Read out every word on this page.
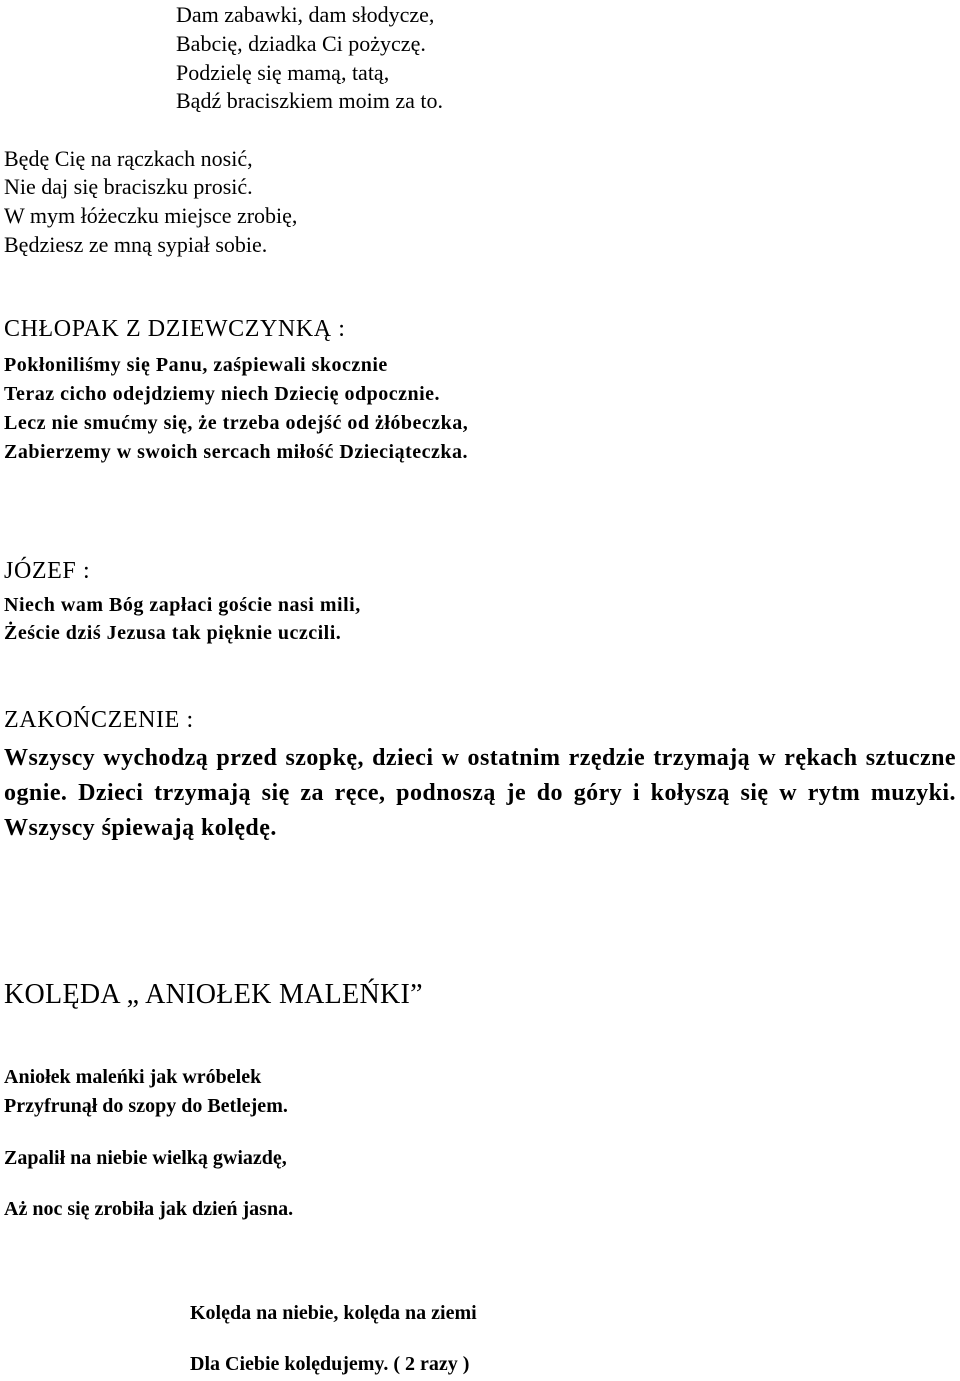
Dam zabawki, dam słodycze,

Babcię, dziadka Ci pożyczę.

Podzielę się mamą, tatą,

Bądź braciszkiem moim za to.

Będę Cię na rączkach nosić,

Nie daj się braciszku prosić.

W mym łóżeczku miejsce zrobię,

Będziesz ze mną sypiał sobie.

CHŁOPAK Z DZIEWCZYNKĄ :

Pokłoniliśmy się Panu, zaśpiewali skocznie

Teraz cicho odejdziemy niech Dziecię odpocznie.

Lecz nie smućmy się, że trzeba odejść od żłóbeczka,

Zabierzemy w swoich sercach miłość Dzieciąteczka.

JÓZEF :

Niech wam Bóg zapłaci goście nasi mili,

Żeście dziś Jezusa tak pięknie uczcili.

ZAKOŃCZENIE :

Wszyscy wychodzą przed szopkę, dzieci w ostatnim rzędzie trzymają w rękach sztuczne ognie. Dzieci trzymają się za ręce, podnoszą je do góry i kołyszą się w rytm muzyki. Wszyscy śpiewają kolędę.

KOLĘDA „ ANIOŁEK MALEŃKI”

Aniołek maleńki jak wróbelek

Przyfrunął do szopy do Betlejem.

Zapalił na niebie wielką gwiazdę,

Aż noc się zrobiła jak dzień jasna.

Kolęda na niebie, kolęda na ziemi

Dla Ciebie kolędujemy. ( 2 razy )
